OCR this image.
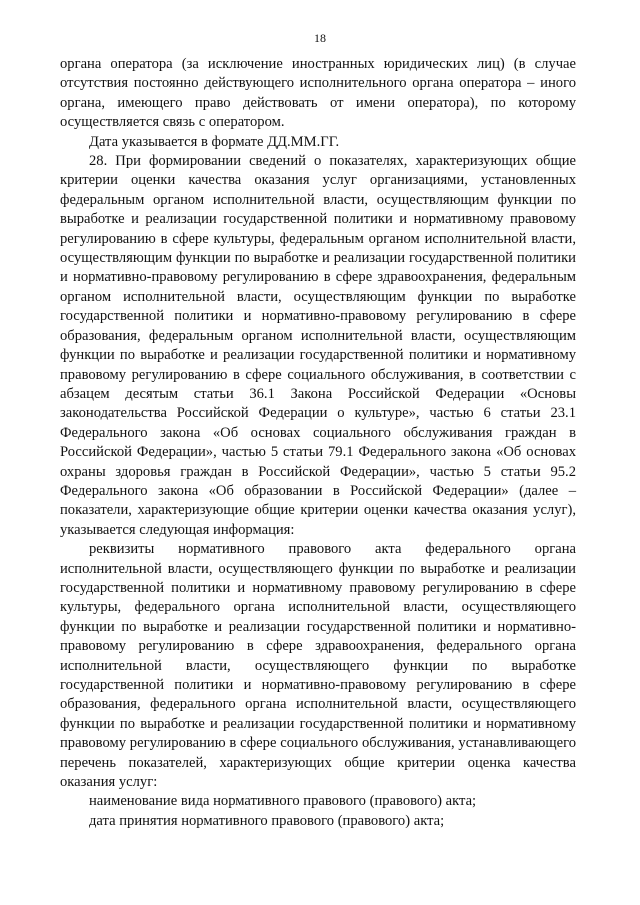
18

органа оператора (за исключение иностранных юридических лиц) (в случае отсутствия постоянно действующего исполнительного органа оператора – иного органа, имеющего право действовать от имени оператора), по которому осуществляется связь с оператором.

Дата указывается в формате ДД.ММ.ГГ.

28. При формировании сведений о показателях, характеризующих общие критерии оценки качества оказания услуг организациями, установленных федеральным органом исполнительной власти, осуществляющим функции по выработке и реализации государственной политики и нормативному правовому регулированию в сфере культуры, федеральным органом исполнительной власти, осуществляющим функции по выработке и реализации государственной политики и нормативно-правовому регулированию в сфере здравоохранения, федеральным органом исполнительной власти, осуществляющим функции по выработке государственной политики и нормативно-правовому регулированию в сфере образования, федеральным органом исполнительной власти, осуществляющим функции по выработке и реализации государственной политики и нормативному правовому регулированию в сфере социального обслуживания, в соответствии с абзацем десятым статьи 36.1 Закона Российской Федерации «Основы законодательства Российской Федерации о культуре», частью 6 статьи 23.1 Федерального закона «Об основах социального обслуживания граждан в Российской Федерации», частью 5 статьи 79.1 Федерального закона «Об основах охраны здоровья граждан в Российской Федерации», частью 5 статьи 95.2 Федерального закона «Об образовании в Российской Федерации» (далее – показатели, характеризующие общие критерии оценки качества оказания услуг), указывается следующая информация:

реквизиты нормативного правового акта федерального органа исполнительной власти, осуществляющего функции по выработке и реализации государственной политики и нормативному правовому регулированию в сфере культуры, федерального органа исполнительной власти, осуществляющего функции по выработке и реализации государственной политики и нормативно-правовому регулированию в сфере здравоохранения, федерального органа исполнительной власти, осуществляющего функции по выработке государственной политики и нормативно-правовому регулированию в сфере образования, федерального органа исполнительной власти, осуществляющего функции по выработке и реализации государственной политики и нормативному правовому регулированию в сфере социального обслуживания, устанавливающего перечень показателей, характеризующих общие критерии оценка качества оказания услуг:

наименование вида нормативного правового (правового) акта;

дата принятия нормативного правового (правового) акта;
